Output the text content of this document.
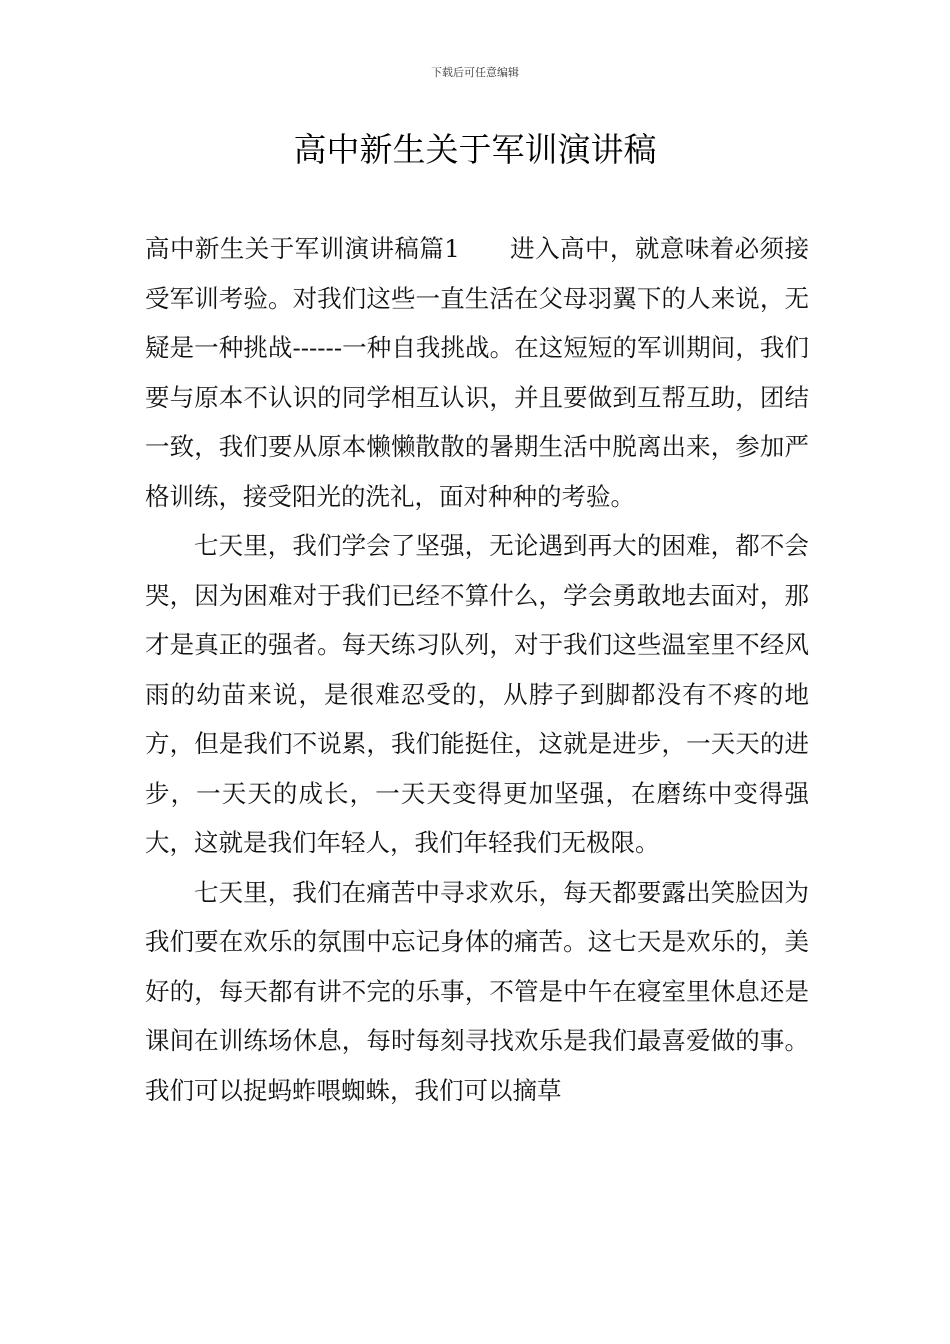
下载后可任意编辑
高中新生关于军训演讲稿

高中新生关于军训演讲稿篇1　　进入高中，就意味着必须接受军训考验。对我们这些一直生活在父母羽翼下的人来说，无疑是一种挑战------一种自我挑战。在这短短的军训期间，我们要与原本不认识的同学相互认识，并且要做到互帮互助，团结一致，我们要从原本懒懒散散的暑期生活中脱离出来，参加严格训练，接受阳光的洗礼，面对种种的考验。

七天里，我们学会了坚强，无论遇到再大的困难，都不会哭，因为困难对于我们已经不算什么，学会勇敢地去面对，那才是真正的强者。每天练习队列，对于我们这些温室里不经风雨的幼苗来说，是很难忍受的，从脖子到脚都没有不疼的地方，但是我们不说累，我们能挺住，这就是进步，一天天的进步，一天天的成长，一天天变得更加坚强，在磨练中变得强大，这就是我们年轻人，我们年轻我们无极限。

七天里，我们在痛苦中寻求欢乐，每天都要露出笑脸因为我们要在欢乐的氛围中忘记身体的痛苦。这七天是欢乐的，美好的，每天都有讲不完的乐事，不管是中午在寝室里休息还是课间在训练场休息，每时每刻寻找欢乐是我们最喜爱做的事。我们可以捉蚂蚱喂蜘蛛，我们可以摘草
